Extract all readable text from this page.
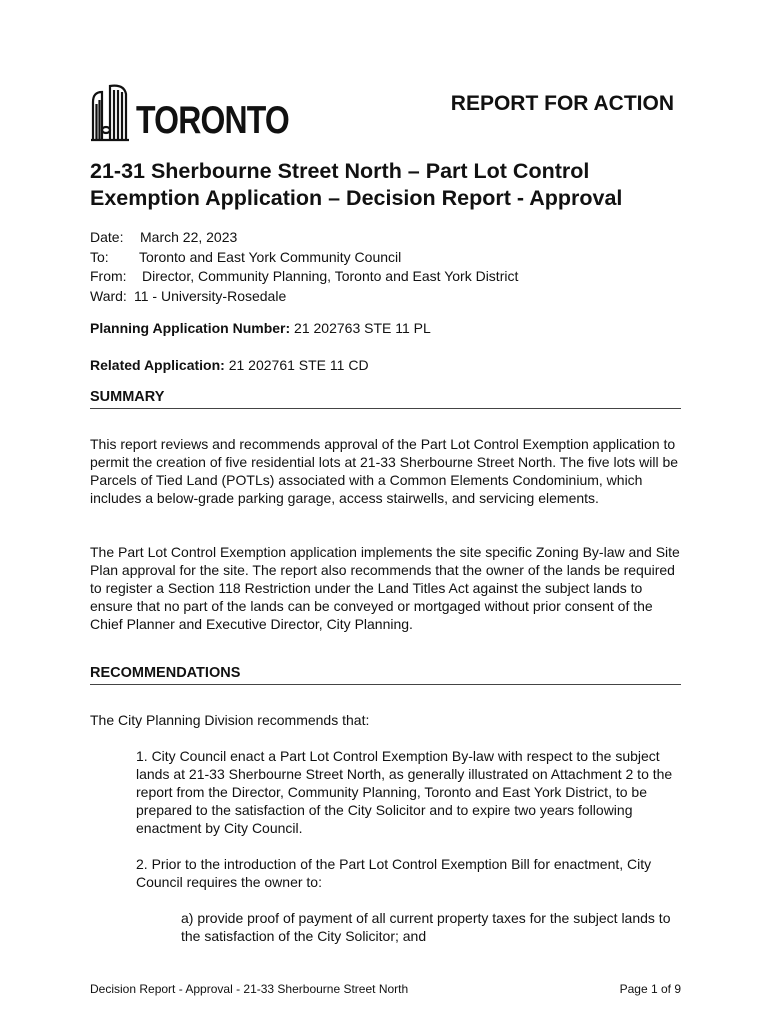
TORONTO	REPORT FOR ACTION
21-31 Sherbourne Street North – Part Lot Control Exemption Application – Decision Report - Approval
Date:	March 22, 2023
To:	Toronto and East York Community Council
From:	Director, Community Planning, Toronto and East York District
Ward: 11 - University-Rosedale
Planning Application Number: 21 202763 STE 11 PL
Related Application: 21 202761 STE 11 CD
SUMMARY

This report reviews and recommends approval of the Part Lot Control Exemption application to permit the creation of five residential lots at 21-33 Sherbourne Street North. The five lots will be Parcels of Tied Land (POTLs) associated with a Common Elements Condominium, which includes a below-grade parking garage, access stairwells, and servicing elements.

The Part Lot Control Exemption application implements the site specific Zoning By-law and Site Plan approval for the site. The report also recommends that the owner of the lands be required to register a Section 118 Restriction under the Land Titles Act against the subject lands to ensure that no part of the lands can be conveyed or mortgaged without prior consent of the Chief Planner and Executive Director, City Planning.

RECOMMENDATIONS

The City Planning Division recommends that:

1. City Council enact a Part Lot Control Exemption By-law with respect to the subject lands at 21-33 Sherbourne Street North, as generally illustrated on Attachment 2 to the report from the Director, Community Planning, Toronto and East York District, to be prepared to the satisfaction of the City Solicitor and to expire two years following enactment by City Council.

2. Prior to the introduction of the Part Lot Control Exemption Bill for enactment, City Council requires the owner to:

a) provide proof of payment of all current property taxes for the subject lands to the satisfaction of the City Solicitor; and

Decision Report - Approval - 21-33 Sherbourne Street North	Page 1 of 9
